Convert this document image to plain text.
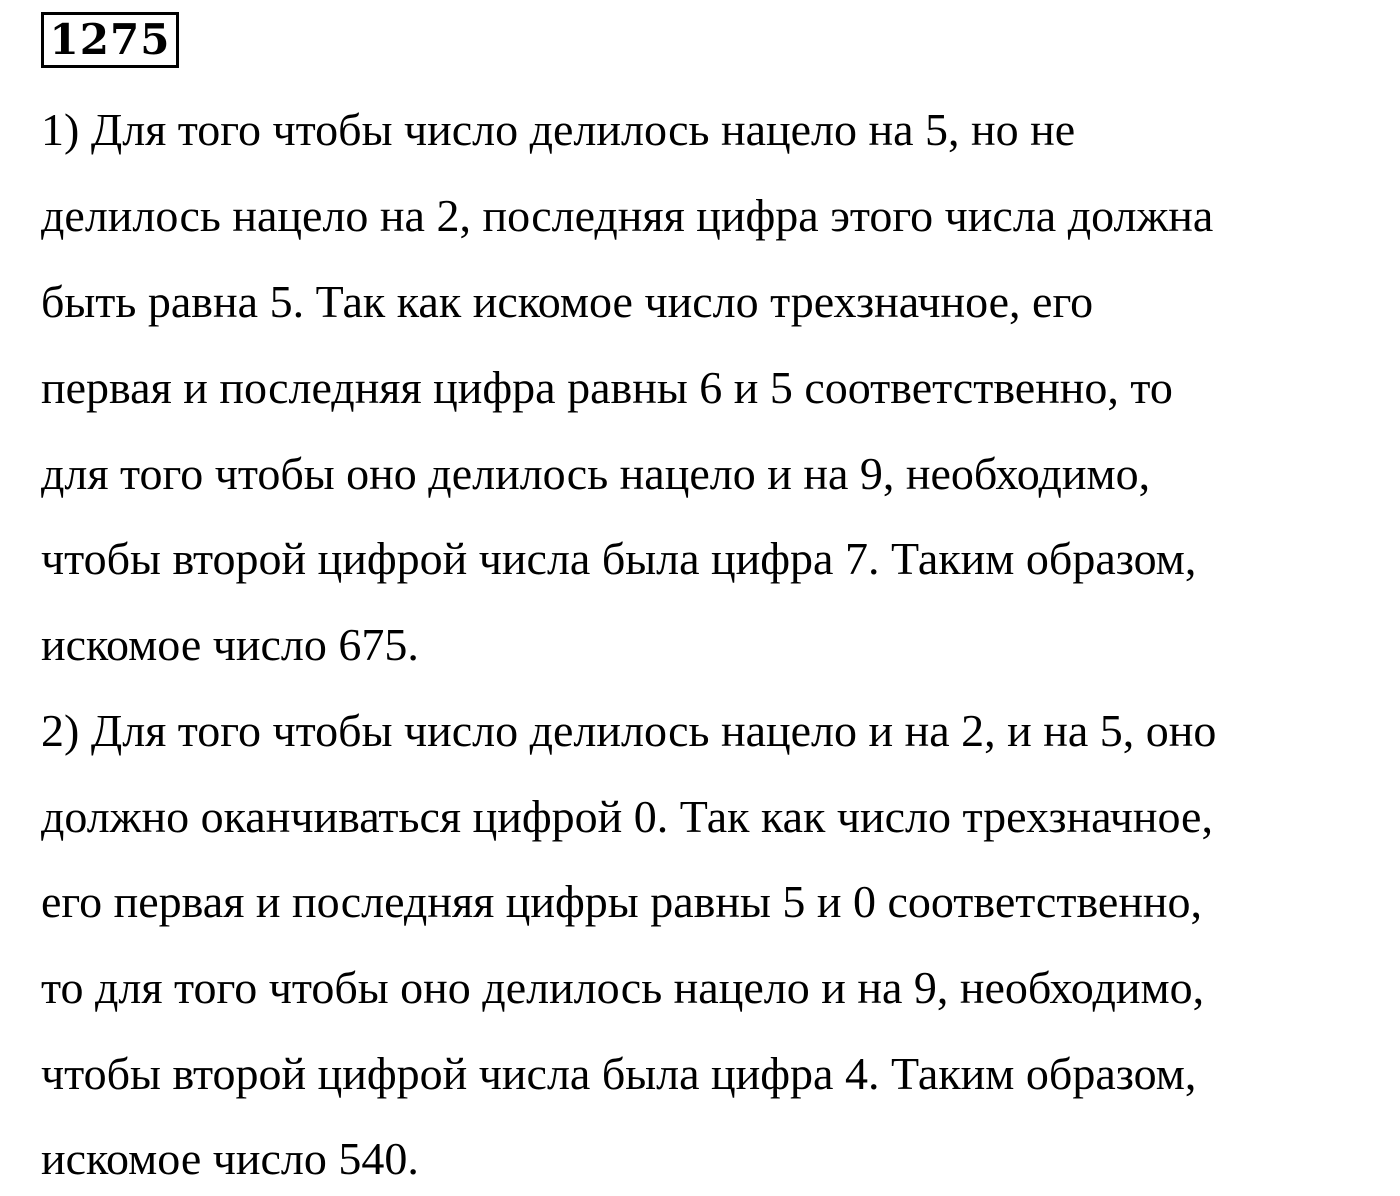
1275

1) Для того чтобы число делилось нацело на 5, но не

делилось нацело на 2, последняя цифра этого числа должна

быть равна 5. Так как искомое число трехзначное, его

первая и последняя цифра равны 6 и 5 соответственно, то

для того чтобы оно делилось нацело и на 9, необходимо,

чтобы второй цифрой числа была цифра 7. Таким образом,

искомое число 675.

2) Для того чтобы число делилось нацело и на 2, и на 5, оно

должно оканчиваться цифрой 0. Так как число трехзначное,

его первая и последняя цифры равны 5 и 0 соответственно,

то для того чтобы оно делилось нацело и на 9, необходимо,

чтобы второй цифрой числа была цифра 4. Таким образом,

искомое число 540.
